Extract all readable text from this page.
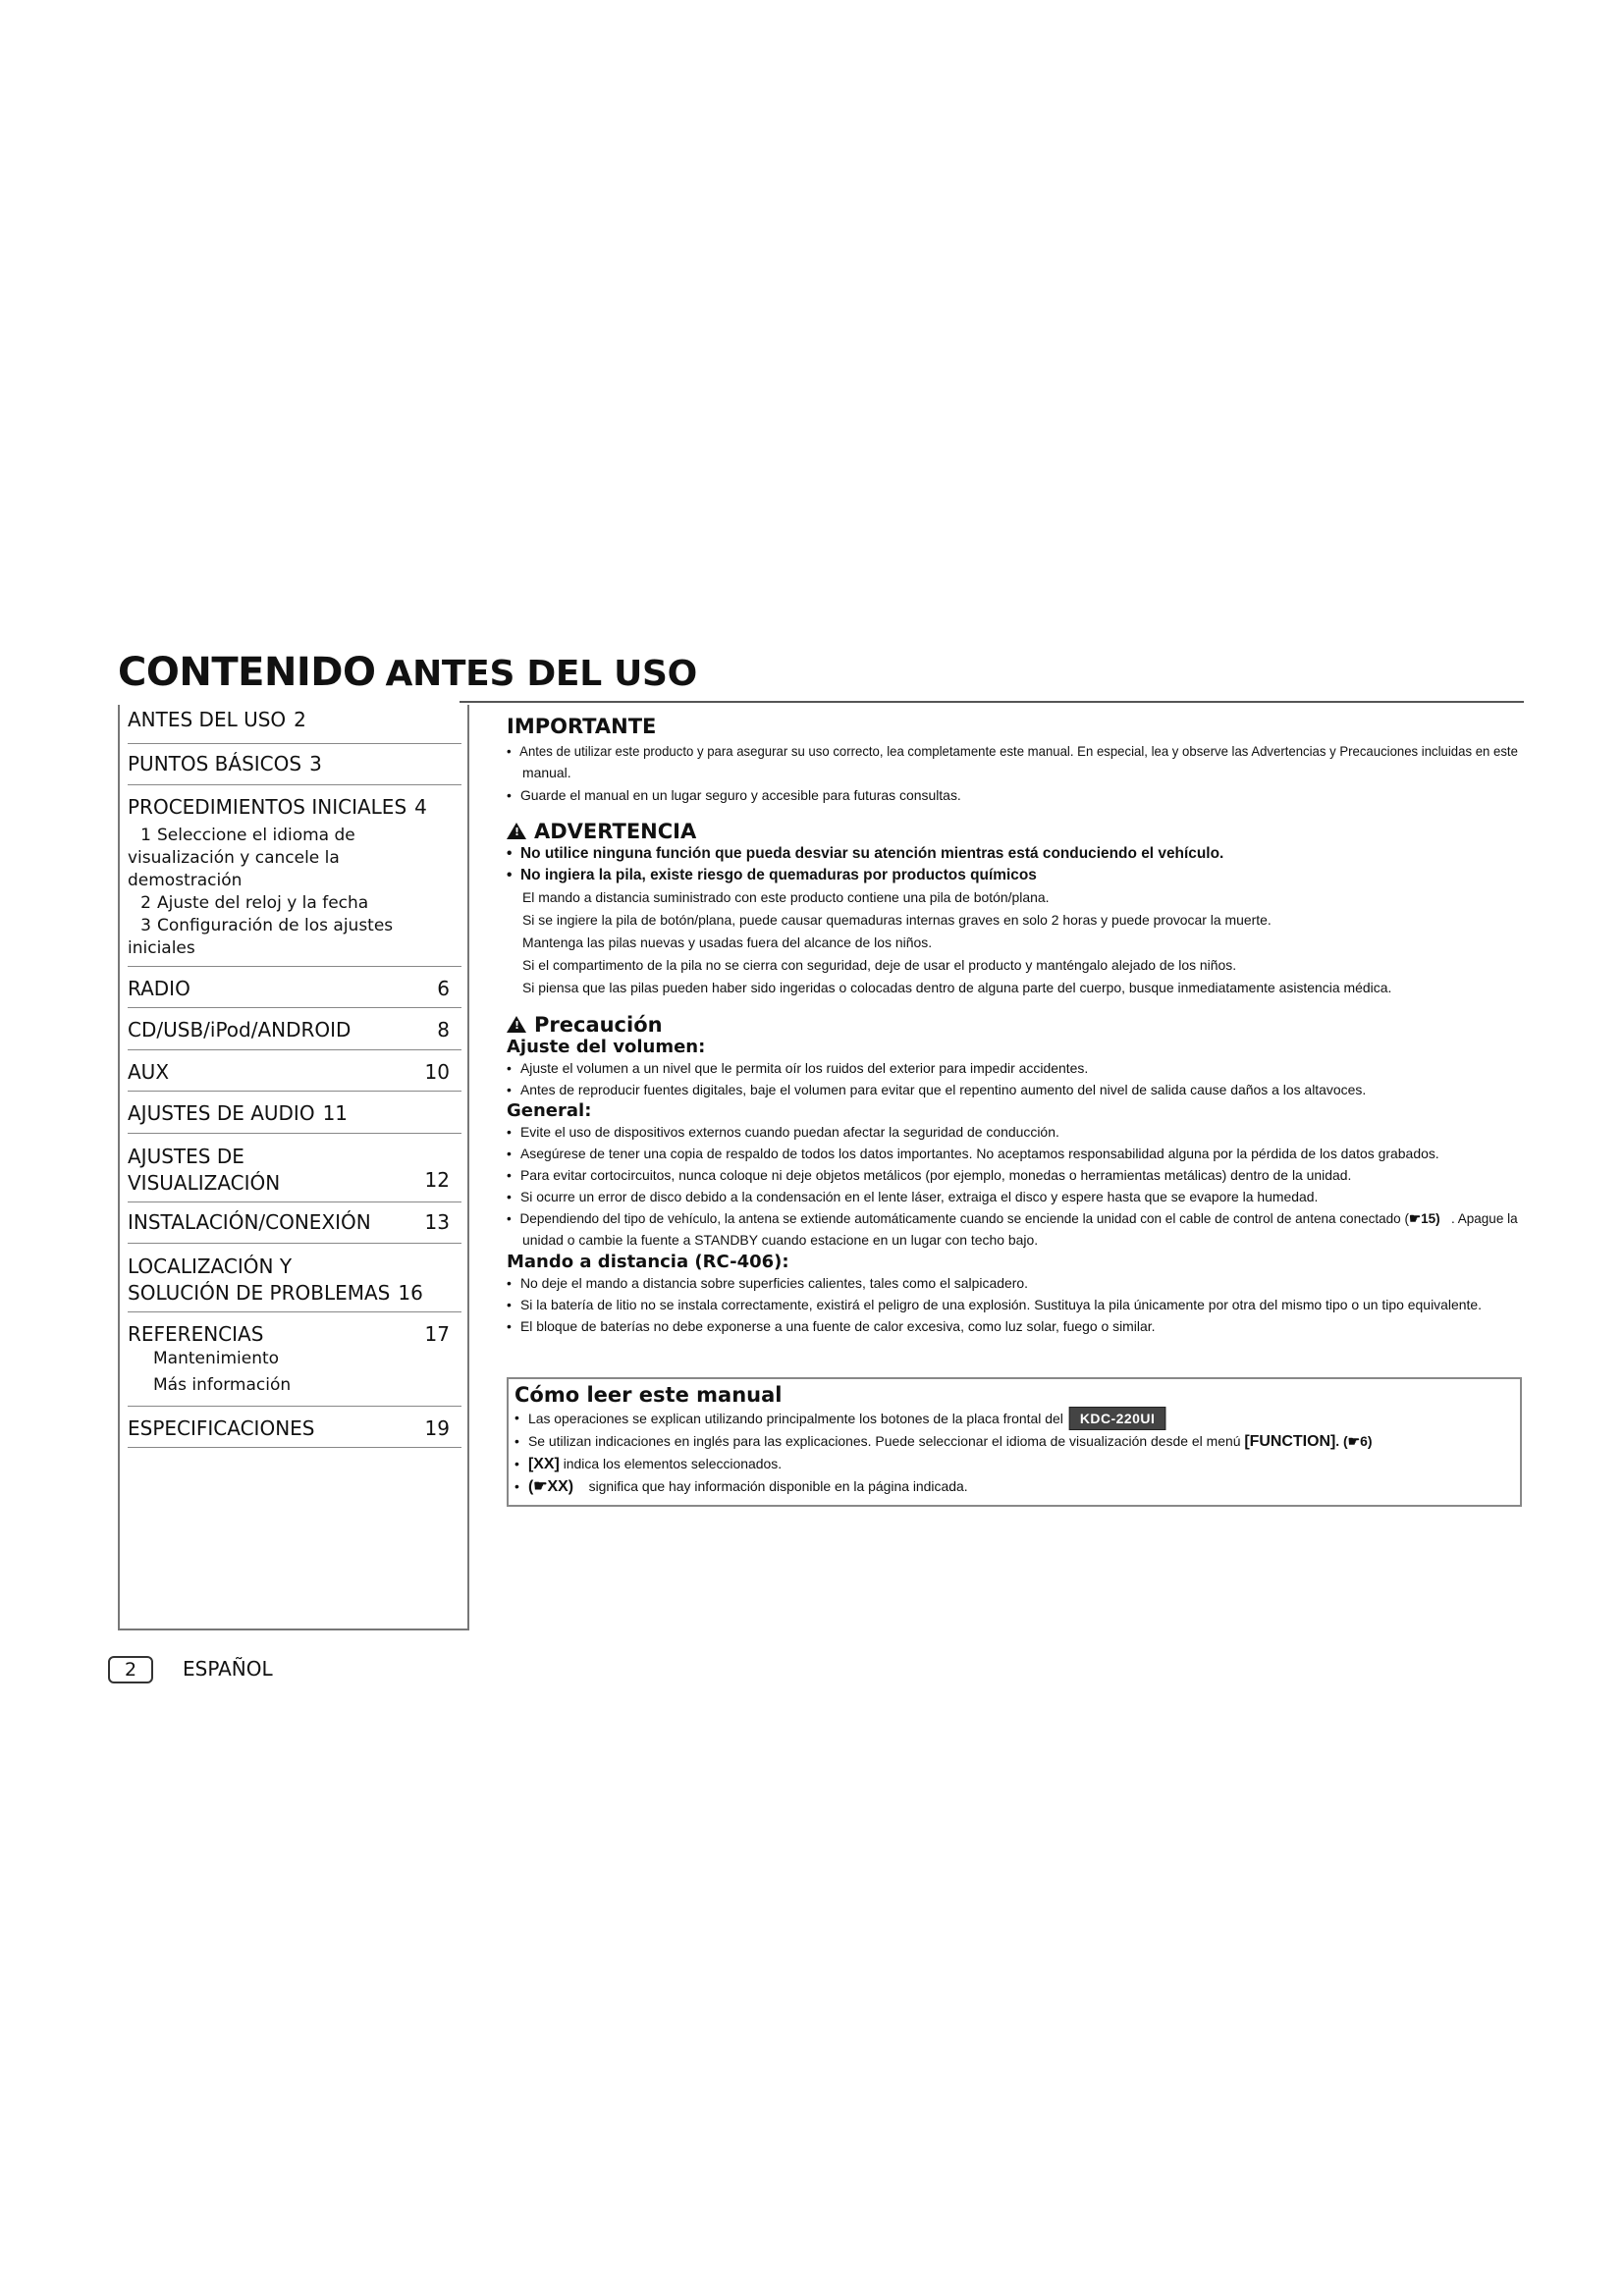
CONTENIDO ANTES DEL USO
ANTES DEL USO 2
PUNTOS BÁSICOS 3
PROCEDIMIENTOS INICIALES 4
1 Seleccione el idioma de
visualización y cancele la
demostración
2 Ajuste del reloj y la fecha
3 Configuración de los ajustes
iniciales
RADIO	6
CD/USB/iPod/ANDROID	8
AUX	10
AJUSTES DE AUDIO 11
AJUSTES DE
VISUALIZACIÓN	12
INSTALACIÓN/CONEXIÓN	13
LOCALIZACIÓN Y
SOLUCIÓN DE PROBLEMAS 16
REFERENCIAS	17
Mantenimiento
Más información
ESPECIFICACIONES	19
2	ESPAÑOL
IMPORTANTE
• Antes de utilizar este producto y para asegurar su uso correcto, lea completamente este manual. En especial, lea y observe las Advertencias y Precauciones incluidas en este
manual.
• Guarde el manual en un lugar seguro y accesible para futuras consultas.
!ADVERTENCIA
• No utilice ninguna función que pueda desviar su atención mientras está conduciendo el vehículo.
• No ingiera la pila, existe riesgo de quemaduras por productos químicos
El mando a distancia suministrado con este producto contiene una pila de botón/plana.
Si se ingiere la pila de botón/plana, puede causar quemaduras internas graves en solo 2 horas y puede provocar la muerte.
Mantenga las pilas nuevas y usadas fuera del alcance de los niños.
Si el compartimento de la pila no se cierra con seguridad, deje de usar el producto y manténgalo alejado de los niños.
Si piensa que las pilas pueden haber sido ingeridas o colocadas dentro de alguna parte del cuerpo, busque inmediatamente asistencia médica.
!Precaución
Ajuste del volumen:
• Ajuste el volumen a un nivel que le permita oír los ruidos del exterior para impedir accidentes.
• Antes de reproducir fuentes digitales, baje el volumen para evitar que el repentino aumento del nivel de salida cause daños a los altavoces.
General:
• Evite el uso de dispositivos externos cuando puedan afectar la seguridad de conducción.
• Asegúrese de tener una copia de respaldo de todos los datos importantes. No aceptamos responsabilidad alguna por la pérdida de los datos grabados.
• Para evitar cortocircuitos, nunca coloque ni deje objetos metálicos (por ejemplo, monedas o herramientas metálicas) dentro de la unidad.
• Si ocurre un error de disco debido a la condensación en el lente láser, extraiga el disco y espere hasta que se evapore la humedad.
• Dependiendo del tipo de vehículo, la antena se extiende automáticamente cuando se enciende la unidad con el cable de control de antena conectado (☛15) . Apague la
unidad o cambie la fuente a STANDBY cuando estacione en un lugar con techo bajo.
Mando a distancia (RC-406):
• No deje el mando a distancia sobre superficies calientes, tales como el salpicadero.
• Si la batería de litio no se instala correctamente, existirá el peligro de una explosión. Sustituya la pila únicamente por otra del mismo tipo o un tipo equivalente.
• El bloque de baterías no debe exponerse a una fuente de calor excesiva, como luz solar, fuego o similar.
Cómo leer este manual
• Las operaciones se explican utilizando principalmente los botones de la placa frontal del KDC-220UI
• Se utilizan indicaciones en inglés para las explicaciones. Puede seleccionar el idioma de visualización desde el menú [FUNCTION]. (☛6)
• [XX] indica los elementos seleccionados.
• (☛XX) significa que hay información disponible en la página indicada.
